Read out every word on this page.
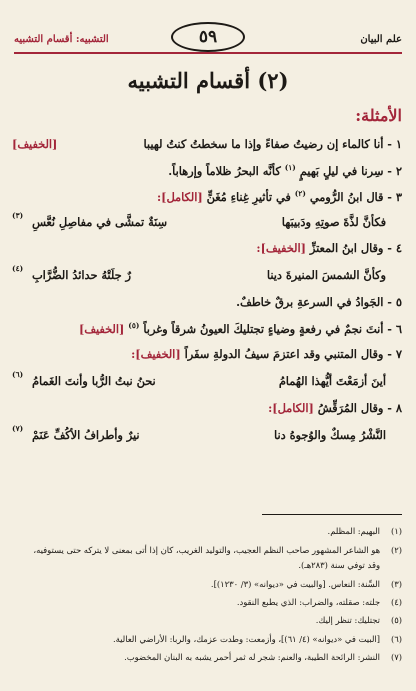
علم البيان
٥٩
التشبيه: أقسام التشبيه
(٢) أقسام التشبيه
الأمثلة:
١ - أنا كالماء إن رضيتُ صفاءً وإذا ما سخطتُ كنتُ لهيبا
[الخفيف]
٢ - سِرنا في ليلٍ بَهيمٍ $^{(١)}$ كأنَّه البحرُ ظلاماً وإرهاباً.
٣ - قال ابنُ الرُّومي $^{(٢)}$ في تأثيرِ غِناءِ مُغَنٍّ [الكامل]:
فكأنَّ لذَّةَ صوتِهِ ودَبيبَها
سِنَةٌ تمشَّى في مفاصِلِ نُعَّسِ
(٣)
٤ - وقال ابنُ المعتزِّ [الخفيف]:
وكأنَّ الشمسَ المنيرةَ دينا
رٌ جلَتْهُ حدائدُ الضُّرَّابِ
(٤)
٥ - الجَوادُ في السرعةِ برقٌ خاطفٌ.
٦ - أنتَ نجمٌ في رفعةٍ وضياءٍ تجتليكَ العيونُ شرقاً وغرباً $^{(٥)}$ [الخفيف]
٧ - وقال المتنبي وقد اعتزمَ سيفُ الدولةِ سفَراً [الخفيف]:
أينَ أزمَعْتَ أيُّهذا الهُمامُ
نحنُ نبتُ الرُّبا وأنتَ الغَمامُ
(٦)
٨ - وقال المُرَقِّشُ [الكامل]:
النَّشْرُ مِسكٌ والوُجوهُ دنا
نيرٌ وأطرافُ الأكُفِّ عَنَمْ
(٧)
(١)البهيم: المظلم.
(٢)هو الشاعر المشهور صاحب النظم العجيب، والتوليد الغريب، كان إذا أتى بمعنى لا يتركه حتى يستوفيه،
وقد توفي سنة (٢٨٣هـ).
(٣)السِّنة: النعاس. [والبيت في «ديوانه» (٣/ ١٢٣٠)].
(٤)جلته: صقلته، والضراب: الذي يطبع النقود.
(٥)تجتليك: تنظر إليك.
(٦)[البيت في «ديوانه» (٤/ ٦١)]، وأزمعت: وطدت عزمك، والربا: الأراضي العالية.
(٧)النشر: الرائحة الطيبة، والعنم: شجر له ثمر أحمر يشبه به البنان المخضوب.
